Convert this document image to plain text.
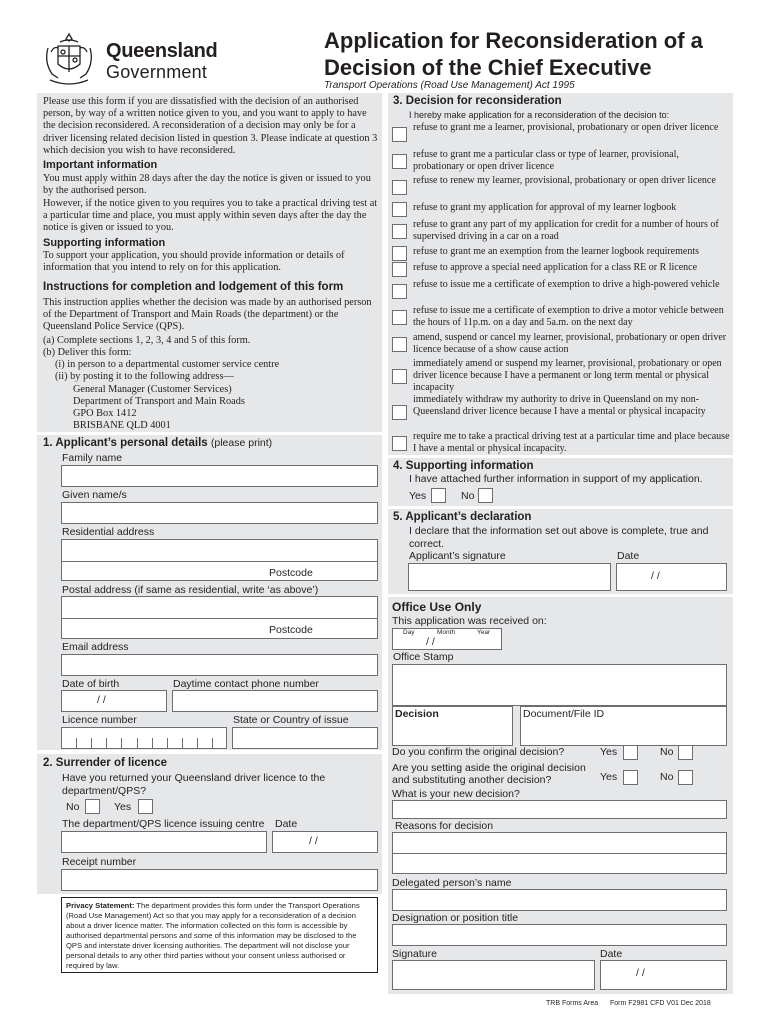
Queensland
Government
Application for Reconsideration of a
Decision of the Chief Executive
Transport Operations (Road Use Management) Act 1995
Please use this form if you are dissatisfied with the decision of an authorised person, by way of a written notice given to you, and you want to apply to have the decision reconsidered. A reconsideration of a decision may only be for a driver licensing related decision listed in question 3. Please indicate at question 3 which decision you wish to have reconsidered.
Important information
You must apply within 28 days after the day the notice is given or issued to you by the authorised person.
However, if the notice given to you requires you to take a practical driving test at a particular time and place, you must apply within seven days after the day the notice is given or issued to you.
Supporting information
To support your application, you should provide information or details of information that you intend to rely on for this application.
Instructions for completion and lodgement of this form
This instruction applies whether the decision was made by an authorised person of the Department of Transport and Main Roads (the department) or the Queensland Police Service (QPS).
(a) Complete sections 1, 2, 3, 4 and 5 of this form.
(b) Deliver this form:
(i) in person to a departmental customer service centre
(ii) by posting it to the following address—
General Manager (Customer Services)
Department of Transport and Main Roads
GPO Box 1412
BRISBANE QLD 4001
1. Applicant’s personal details (please print)
Family name
Given name/s
Residential address
Postcode
Postal address (if same as residential, write ‘as above’)
Postcode
Email address
Date of birth	Daytime contact phone number
/ /
Licence number	State or Country of issue
2. Surrender of licence
Have you returned your Queensland driver licence to the department/QPS?
No	Yes
The department/QPS licence issuing centre Date
/ /
Receipt number
Privacy Statement: The department provides this form under the Transport Operations (Road Use Management) Act so that you may apply for a reconsideration of a decision about a driver licence matter. The information collected on this form is accessible by authorised departmental persons and some of this information may be disclosed to the QPS and interstate driver licensing authorities. The department will not disclose your personal details to any other third parties without your consent unless authorised or required by law.
3. Decision for reconsideration
I hereby make application for a reconsideration of the decision to:
refuse to grant me a learner, provisional, probationary or open driver licence
refuse to grant me a particular class or type of learner, provisional, probationary or open driver licence
refuse to renew my learner, provisional, probationary or open driver licence
refuse to grant my application for approval of my learner logbook
refuse to grant any part of my application for credit for a number of hours of supervised driving in a car on a road
refuse to grant me an exemption from the learner logbook requirements
refuse to approve a special need application for a class RE or R licence
refuse to issue me a certificate of exemption to drive a high-powered vehicle
refuse to issue me a certificate of exemption to drive a motor vehicle between the hours of 11p.m. on a day and 5a.m. on the next day
amend, suspend or cancel my learner, provisional, probationary or open driver licence because of a show cause action
immediately amend or suspend my learner, provisional, probationary or open driver licence because I have a permanent or long term mental or physical incapacity
immediately withdraw my authority to drive in Queensland on my non-Queensland driver licence because I have a mental or physical incapacity
require me to take a practical driving test at a particular time and place because I have a mental or physical incapacity.
4. Supporting information
I have attached further information in support of my application.
Yes	No
5. Applicant’s declaration
I declare that the information set out above is complete, true and correct.
Applicant’s signature	Date
/ /
Office Use Only
This application was received on:
Day	Month	Year
/ /
Office Stamp
Decision	Document/File ID
Do you confirm the original decision?	Yes	No
Are you setting aside the original decision and substituting another decision?	Yes	No
What is your new decision?
Reasons for decision
Delegated person’s name
Designation or position title
Signature	Date
/ /
TRB Forms Area Form F2981 CFD V01 Dec 2018
